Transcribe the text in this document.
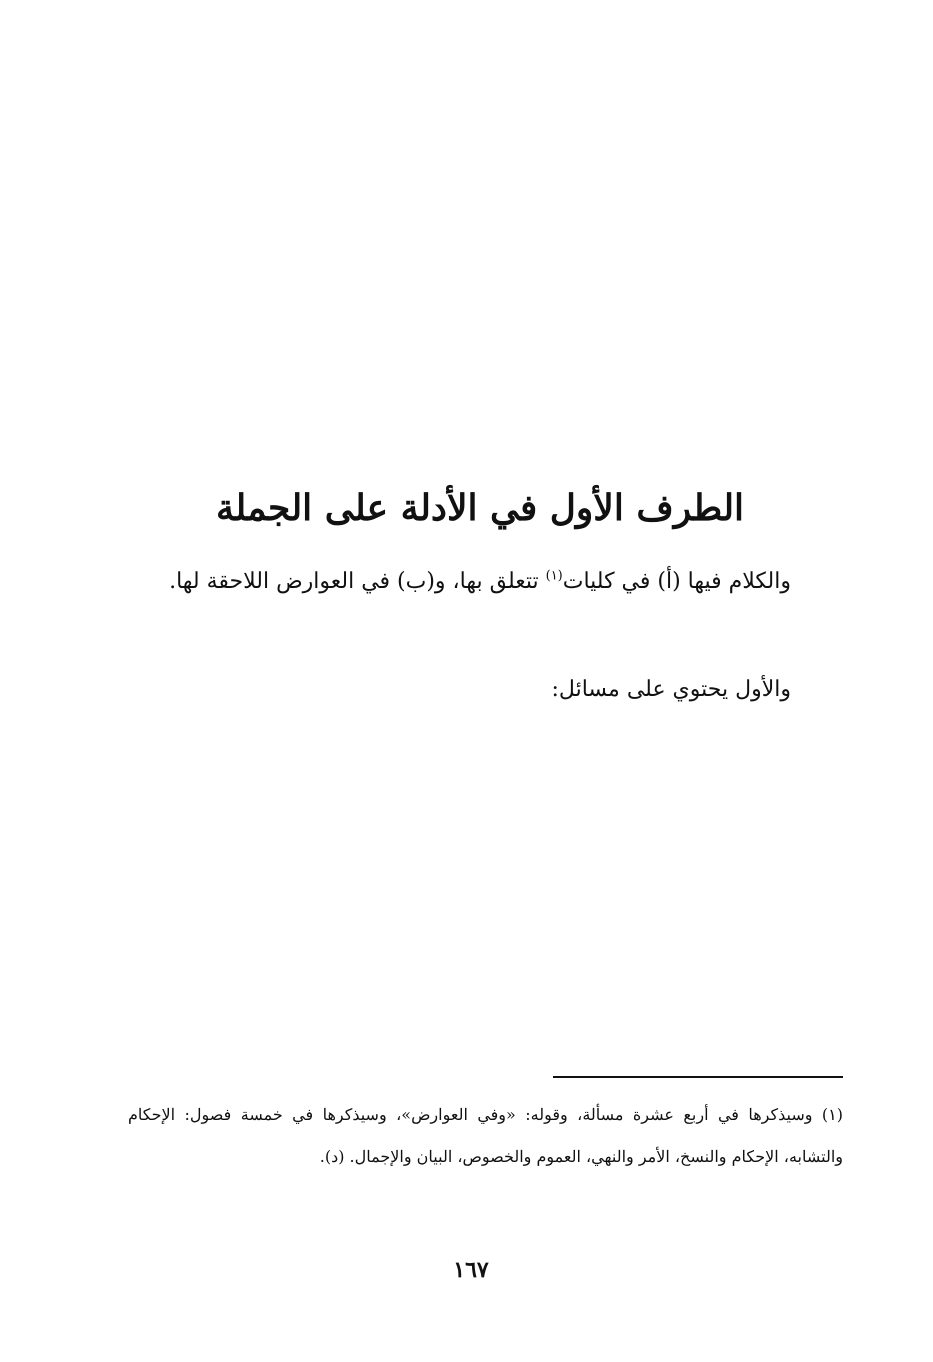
الطرف الأول في الأدلة على الجملة
والكلام فيها (أ) في كليات$^{(١)}$ تتعلق بها، و(ب) في العوارض اللاحقة لها.
والأول يحتوي على مسائل:
(١) وسيذكرها في أربع عشرة مسألة، وقوله: «وفي العوارض»، وسيذكرها في خمسة فصول: الإحكام والتشابه، الإحكام والنسخ، الأمر والنهي، العموم والخصوص، البيان والإجمال. (د).
١٦٧
